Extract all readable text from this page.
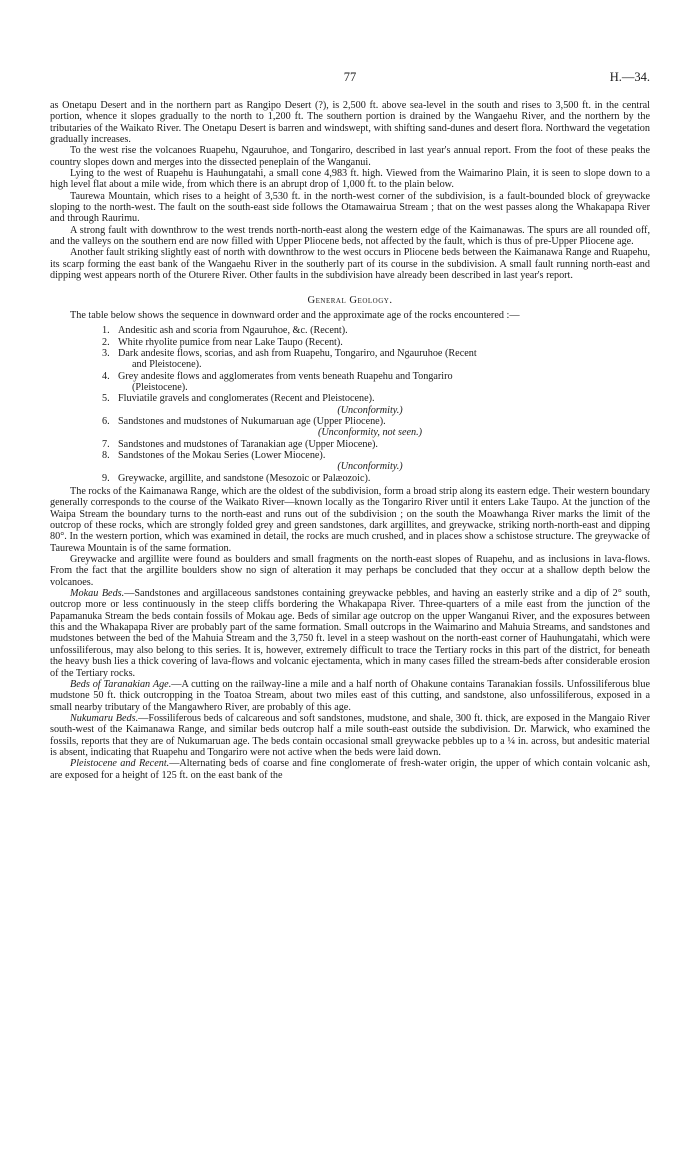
77	H.—34.

as Onetapu Desert and in the northern part as Rangipo Desert (?), is 2,500 ft. above sea-level in the south and rises to 3,500 ft. in the central portion, whence it slopes gradually to the north to 1,200 ft. The southern portion is drained by the Wangaehu River, and the northern by the tributaries of the Waikato River. The Onetapu Desert is barren and windswept, with shifting sand-dunes and desert flora. Northward the vegetation gradually increases.

To the west rise the volcanoes Ruapehu, Ngauruhoe, and Tongariro, described in last year's annual report. From the foot of these peaks the country slopes down and merges into the dissected peneplain of the Wanganui.

Lying to the west of Ruapehu is Hauhungatahi, a small cone 4,983 ft. high. Viewed from the Waimarino Plain, it is seen to slope down to a high level flat about a mile wide, from which there is an abrupt drop of 1,000 ft. to the plain below.

Taurewa Mountain, which rises to a height of 3,530 ft. in the north-west corner of the subdivision, is a fault-bounded block of greywacke sloping to the north-west. The fault on the south-east side follows the Otamawairua Stream ; that on the west passes along the Whakapapa River and through Raurimu.

A strong fault with downthrow to the west trends north-north-east along the western edge of the Kaimanawas. The spurs are all rounded off, and the valleys on the southern end are now filled with Upper Pliocene beds, not affected by the fault, which is thus of pre-Upper Pliocene age.

Another fault striking slightly east of north with downthrow to the west occurs in Pliocene beds between the Kaimanawa Range and Ruapehu, its scarp forming the east bank of the Wangaehu River in the southerly part of its course in the subdivision. A small fault running north-east and dipping west appears north of the Oturere River. Other faults in the subdivision have already been described in last year's report.

General Geology.

The table below shows the sequence in downward order and the approximate age of the rocks encountered :—

1. Andesitic ash and scoria from Ngauruhoe, &c. (Recent).
2. White rhyolite pumice from near Lake Taupo (Recent).
3. Dark andesite flows, scorias, and ash from Ruapehu, Tongariro, and Ngauruhoe (Recent
and Pleistocene).
4. Grey andesite flows and agglomerates from vents beneath Ruapehu and Tongariro
(Pleistocene).
5. Fluviatile gravels and conglomerates (Recent and Pleistocene).
(Unconformity.)
6. Sandstones and mudstones of Nukumaruan age (Upper Pliocene).
(Unconformity, not seen.)
7. Sandstones and mudstones of Taranakian age (Upper Miocene).
8. Sandstones of the Mokau Series (Lower Miocene).
(Unconformity.)
9. Greywacke, argillite, and sandstone (Mesozoic or Palæozoic).

The rocks of the Kaimanawa Range, which are the oldest of the subdivision, form a broad strip along its eastern edge. Their western boundary generally corresponds to the course of the Waikato River—known locally as the Tongariro River until it enters Lake Taupo. At the junction of the Waipa Stream the boundary turns to the north-east and runs out of the subdivision ; on the south the Moawhanga River marks the limit of the outcrop of these rocks, which are strongly folded grey and green sandstones, dark argillites, and greywacke, striking north-north-east and dipping 80°. In the western portion, which was examined in detail, the rocks are much crushed, and in places show a schistose structure. The greywacke of Taurewa Mountain is of the same formation.

Greywacke and argillite were found as boulders and small fragments on the north-east slopes of Ruapehu, and as inclusions in lava-flows. From the fact that the argillite boulders show no sign of alteration it may perhaps be concluded that they occur at a shallow depth below the volcanoes.

Mokau Beds.—Sandstones and argillaceous sandstones containing greywacke pebbles, and having an easterly strike and a dip of 2° south, outcrop more or less continuously in the steep cliffs bordering the Whakapapa River. Three-quarters of a mile east from the junction of the Papamanuka Stream the beds contain fossils of Mokau age. Beds of similar age outcrop on the upper Wanganui River, and the exposures between this and the Whakapapa River are probably part of the same formation. Small outcrops in the Waimarino and Mahuia Streams, and sandstones and mudstones between the bed of the Mahuia Stream and the 3,750 ft. level in a steep washout on the north-east corner of Hauhungatahi, which were unfossiliferous, may also belong to this series. It is, however, extremely difficult to trace the Tertiary rocks in this part of the district, for beneath the heavy bush lies a thick covering of lava-flows and volcanic ejectamenta, which in many cases filled the stream-beds after considerable erosion of the Tertiary rocks.

Beds of Taranakian Age.—A cutting on the railway-line a mile and a half north of Ohakune contains Taranakian fossils. Unfossiliferous blue mudstone 50 ft. thick outcropping in the Toatoa Stream, about two miles east of this cutting, and sandstone, also unfossiliferous, exposed in a small nearby tributary of the Mangawhero River, are probably of this age.

Nukumaru Beds.—Fossiliferous beds of calcareous and soft sandstones, mudstone, and shale, 300 ft. thick, are exposed in the Mangaio River south-west of the Kaimanawa Range, and similar beds outcrop half a mile south-east outside the subdivision. Dr. Marwick, who examined the fossils, reports that they are of Nukumaruan age. The beds contain occasional small greywacke pebbles up to a ¼ in. across, but andesitic material is absent, indicating that Ruapehu and Tongariro were not active when the beds were laid down.

Pleistocene and Recent.—Alternating beds of coarse and fine conglomerate of fresh-water origin, the upper of which contain volcanic ash, are exposed for a height of 125 ft. on the east bank of the
